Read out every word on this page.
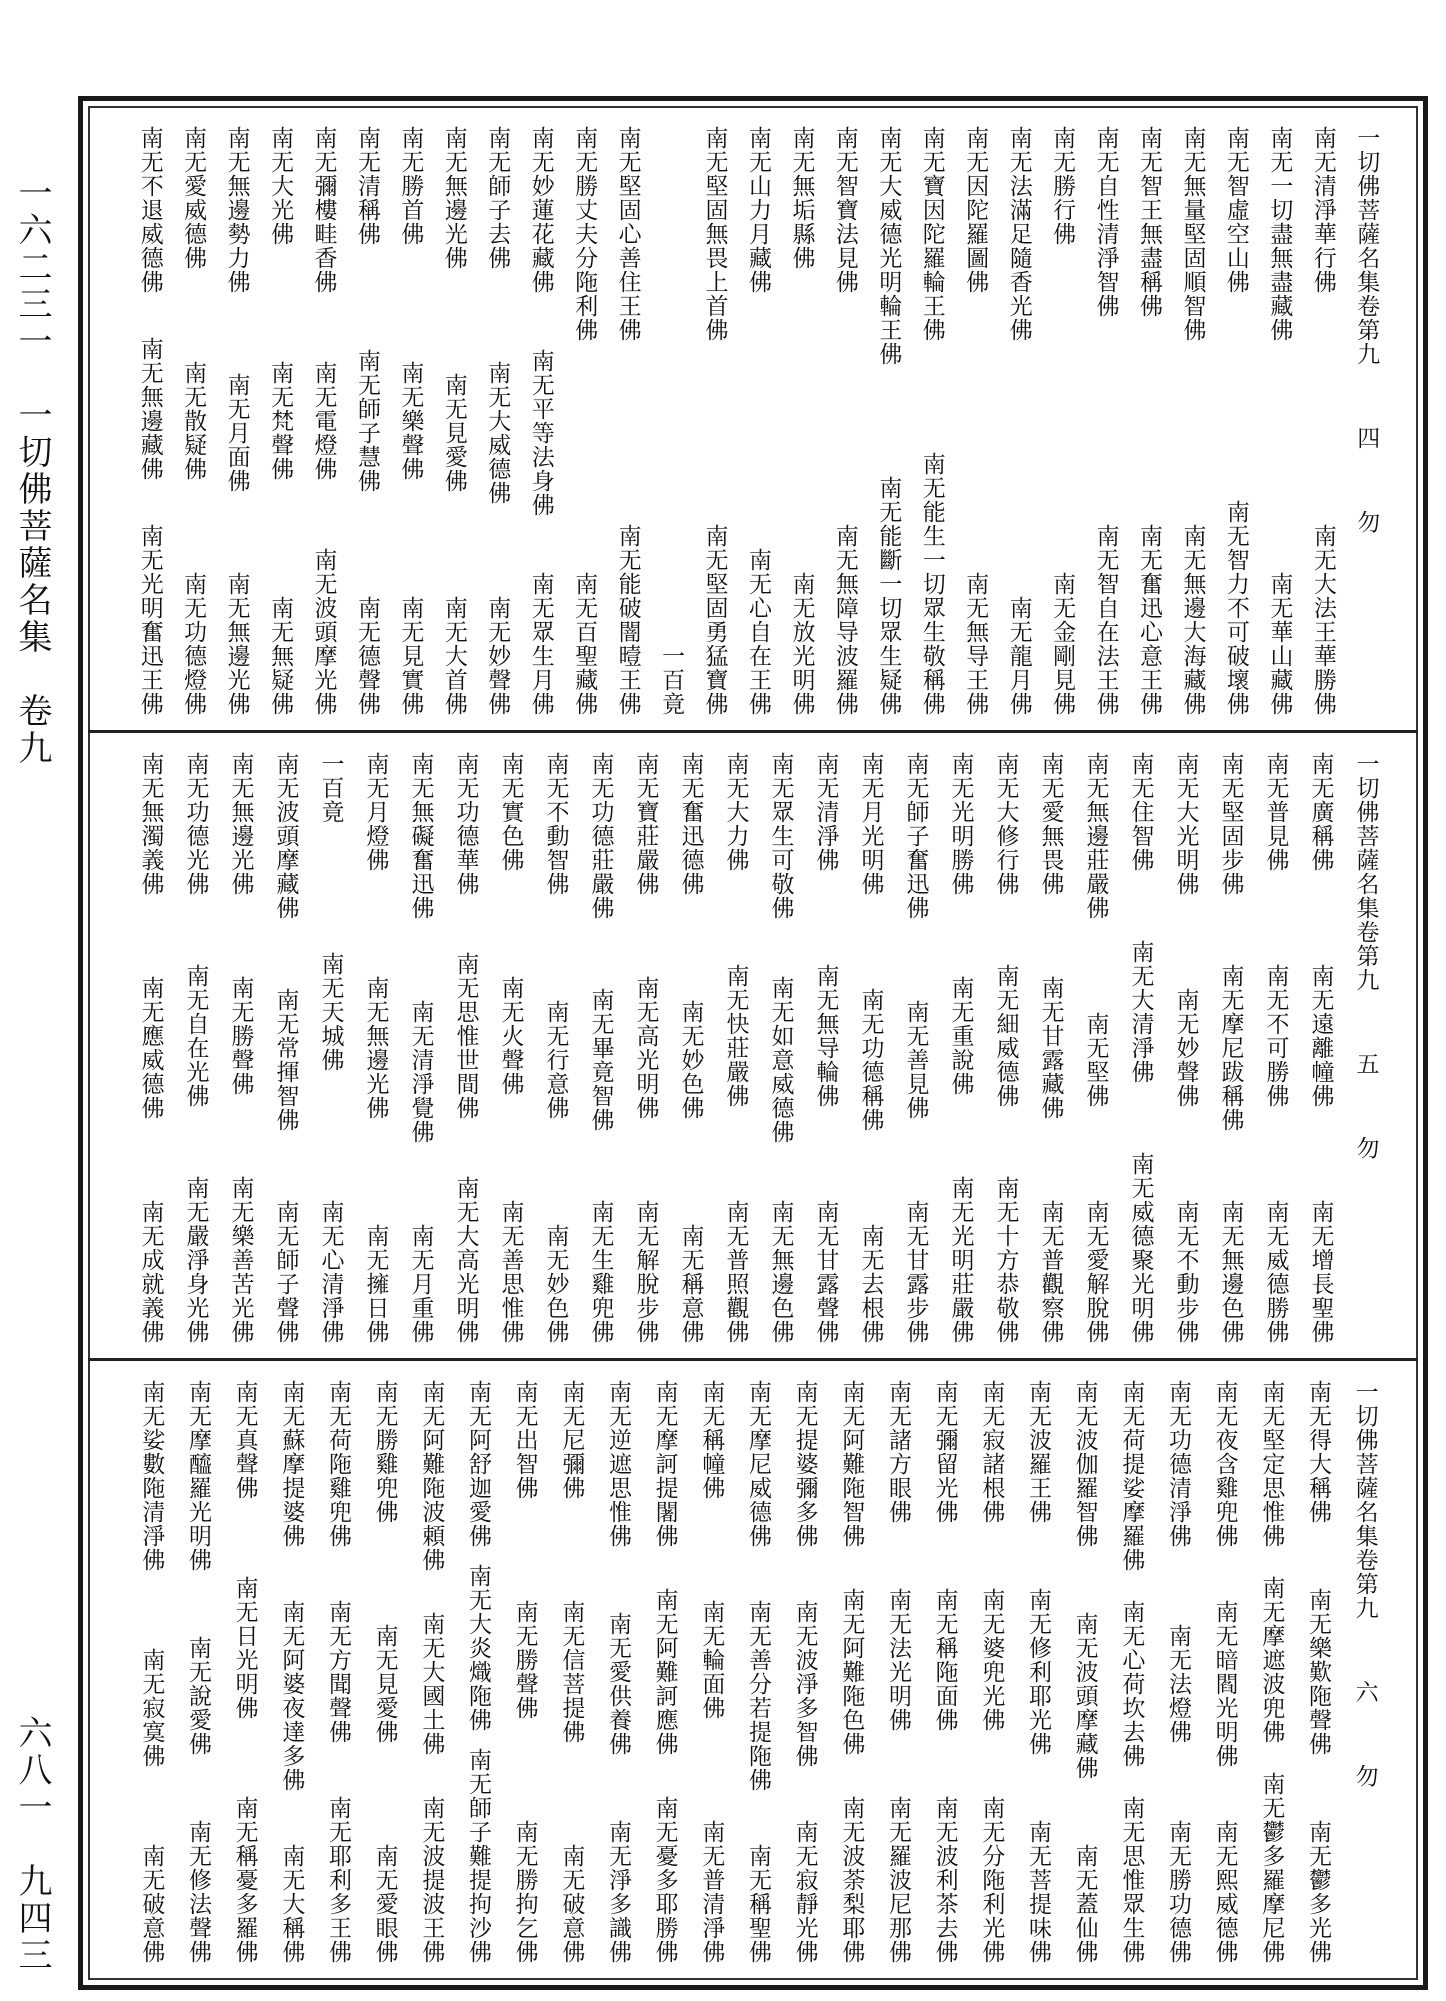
一六二三一　一切佛菩薩名集　卷九
六八一　九四三
一切佛菩薩名集卷第九
四
勿
南无清淨華行佛
南无大法王華勝佛
南无一切盡無盡藏佛
南无華山藏佛
南无智虛空山佛
南无智力不可破壞佛
南无無量堅固順智佛
南无無邊大海藏佛
南无智王無盡稱佛
南无奮迅心意王佛
南无自性清淨智佛
南无智自在法王佛
南无勝行佛
南无金剛見佛
南无法滿足隨香光佛
南无龍月佛
南无因陀羅圖佛
南无無导王佛
南无寶因陀羅輪王佛
南无能生一切眾生敬稱佛
南无大威德光明輪王佛
南无能斷一切眾生疑佛
南无智寶法見佛
南无無障导波羅佛
南无無垢縣佛
南无放光明佛
南无山力月藏佛
南无心自在王佛
南无堅固無畏上首佛
南无堅固勇猛寶佛
一百竟
南无堅固心善住王佛
南无能破闇曀王佛
南无勝丈夫分陁利佛
南无百聖藏佛
南无妙蓮花藏佛
南无平等法身佛
南无眾生月佛
南无師子去佛
南无大威德佛
南无妙聲佛
南无無邊光佛
南无見愛佛
南无大首佛
南无勝首佛
南无樂聲佛
南无見實佛
南无清稱佛
南无師子慧佛
南无德聲佛
南无彌樓畦香佛
南无電燈佛
南无波頭摩光佛
南无大光佛
南无梵聲佛
南无無疑佛
南无無邊勢力佛
南无月面佛
南无無邊光佛
南无愛威德佛
南无散疑佛
南无功德燈佛
南无不退威德佛
南无無邊藏佛
南无光明奮迅王佛
一切佛菩薩名集卷第九
五
勿
南无廣稱佛
南无遠離幢佛
南无增長聖佛
南无普見佛
南无不可勝佛
南无威德勝佛
南无堅固步佛
南无摩尼跋稱佛
南无無邊色佛
南无大光明佛
南无妙聲佛
南无不動步佛
南无住智佛
南无大清淨佛
南无威德聚光明佛
南无無邊莊嚴佛
南无堅佛
南无愛解脫佛
南无愛無畏佛
南无甘露藏佛
南无普觀察佛
南无大修行佛
南无細威德佛
南无十方恭敬佛
南无光明勝佛
南无重說佛
南无光明莊嚴佛
南无師子奮迅佛
南无善見佛
南无甘露步佛
南无月光明佛
南无功德稱佛
南无去根佛
南无清淨佛
南无無导輪佛
南无甘露聲佛
南无眾生可敬佛
南无如意威德佛
南无無邊色佛
南无大力佛
南无快莊嚴佛
南无普照觀佛
南无奮迅德佛
南无妙色佛
南无稱意佛
南无寶莊嚴佛
南无高光明佛
南无解脫步佛
南无功德莊嚴佛
南无畢竟智佛
南无生雞兜佛
南无不動智佛
南无行意佛
南无妙色佛
南无實色佛
南无火聲佛
南无善思惟佛
南无功德華佛
南无思惟世間佛
南无大高光明佛
南无無礙奮迅佛
南无清淨覺佛
南无月重佛
南无月燈佛
南无無邊光佛
南无擁日佛
一百竟
南无天城佛
南无心清淨佛
南无波頭摩藏佛
南无常揮智佛
南无師子聲佛
南无無邊光佛
南无勝聲佛
南无樂善苦光佛
南无功德光佛
南无自在光佛
南无嚴淨身光佛
南无無濁義佛
南无應威德佛
南无成就義佛
一切佛菩薩名集卷第九
六
勿
南无得大稱佛
南无樂歎陁聲佛
南无鬱多光佛
南无堅定思惟佛
南无摩遮波兜佛
南无鬱多羅摩尼佛
南无夜含雞兜佛
南无暗閻光明佛
南无熙威德佛
南无功德清淨佛
南无法燈佛
南无勝功德佛
南无荷提娑摩羅佛
南无心荷坎去佛
南无思惟眾生佛
南无波伽羅智佛
南无波頭摩藏佛
南无蓋仙佛
南无波羅王佛
南无修利耶光佛
南无菩提味佛
南无寂諸根佛
南无婆兜光佛
南无分陁利光佛
南无彌留光佛
南无稱陁面佛
南无波利茶去佛
南无諸方眼佛
南无法光明佛
南无羅波尼那佛
南无阿難陁智佛
南无阿難陁色佛
南无波荼梨耶佛
南无提婆彌多佛
南无波淨多智佛
南无寂靜光佛
南无摩尼威德佛
南无善分若提陁佛
南无稱聖佛
南无稱幢佛
南无輪面佛
南无普清淨佛
南无摩訶提闍佛
南无阿難訶應佛
南无憂多耶勝佛
南无逆遮思惟佛
南无愛供養佛
南无淨多識佛
南无尼彌佛
南无信菩提佛
南无破意佛
南无出智佛
南无勝聲佛
南无勝拘乞佛
南无阿舒迦愛佛
南无大炎熾陁佛
南无師子難提拘沙佛
南无阿難陁波頼佛
南无大國土佛
南无波提波王佛
南无勝雞兜佛
南无見愛佛
南无愛眼佛
南无荷陁雞兜佛
南无方聞聲佛
南无耶利多王佛
南无蘇摩提婆佛
南无阿婆夜達多佛
南无大稱佛
南无真聲佛
南无日光明佛
南无稱憂多羅佛
南无摩醯羅光明佛
南无說愛佛
南无修法聲佛
南无娑數陁清淨佛
南无寂寞佛
南无破意佛
